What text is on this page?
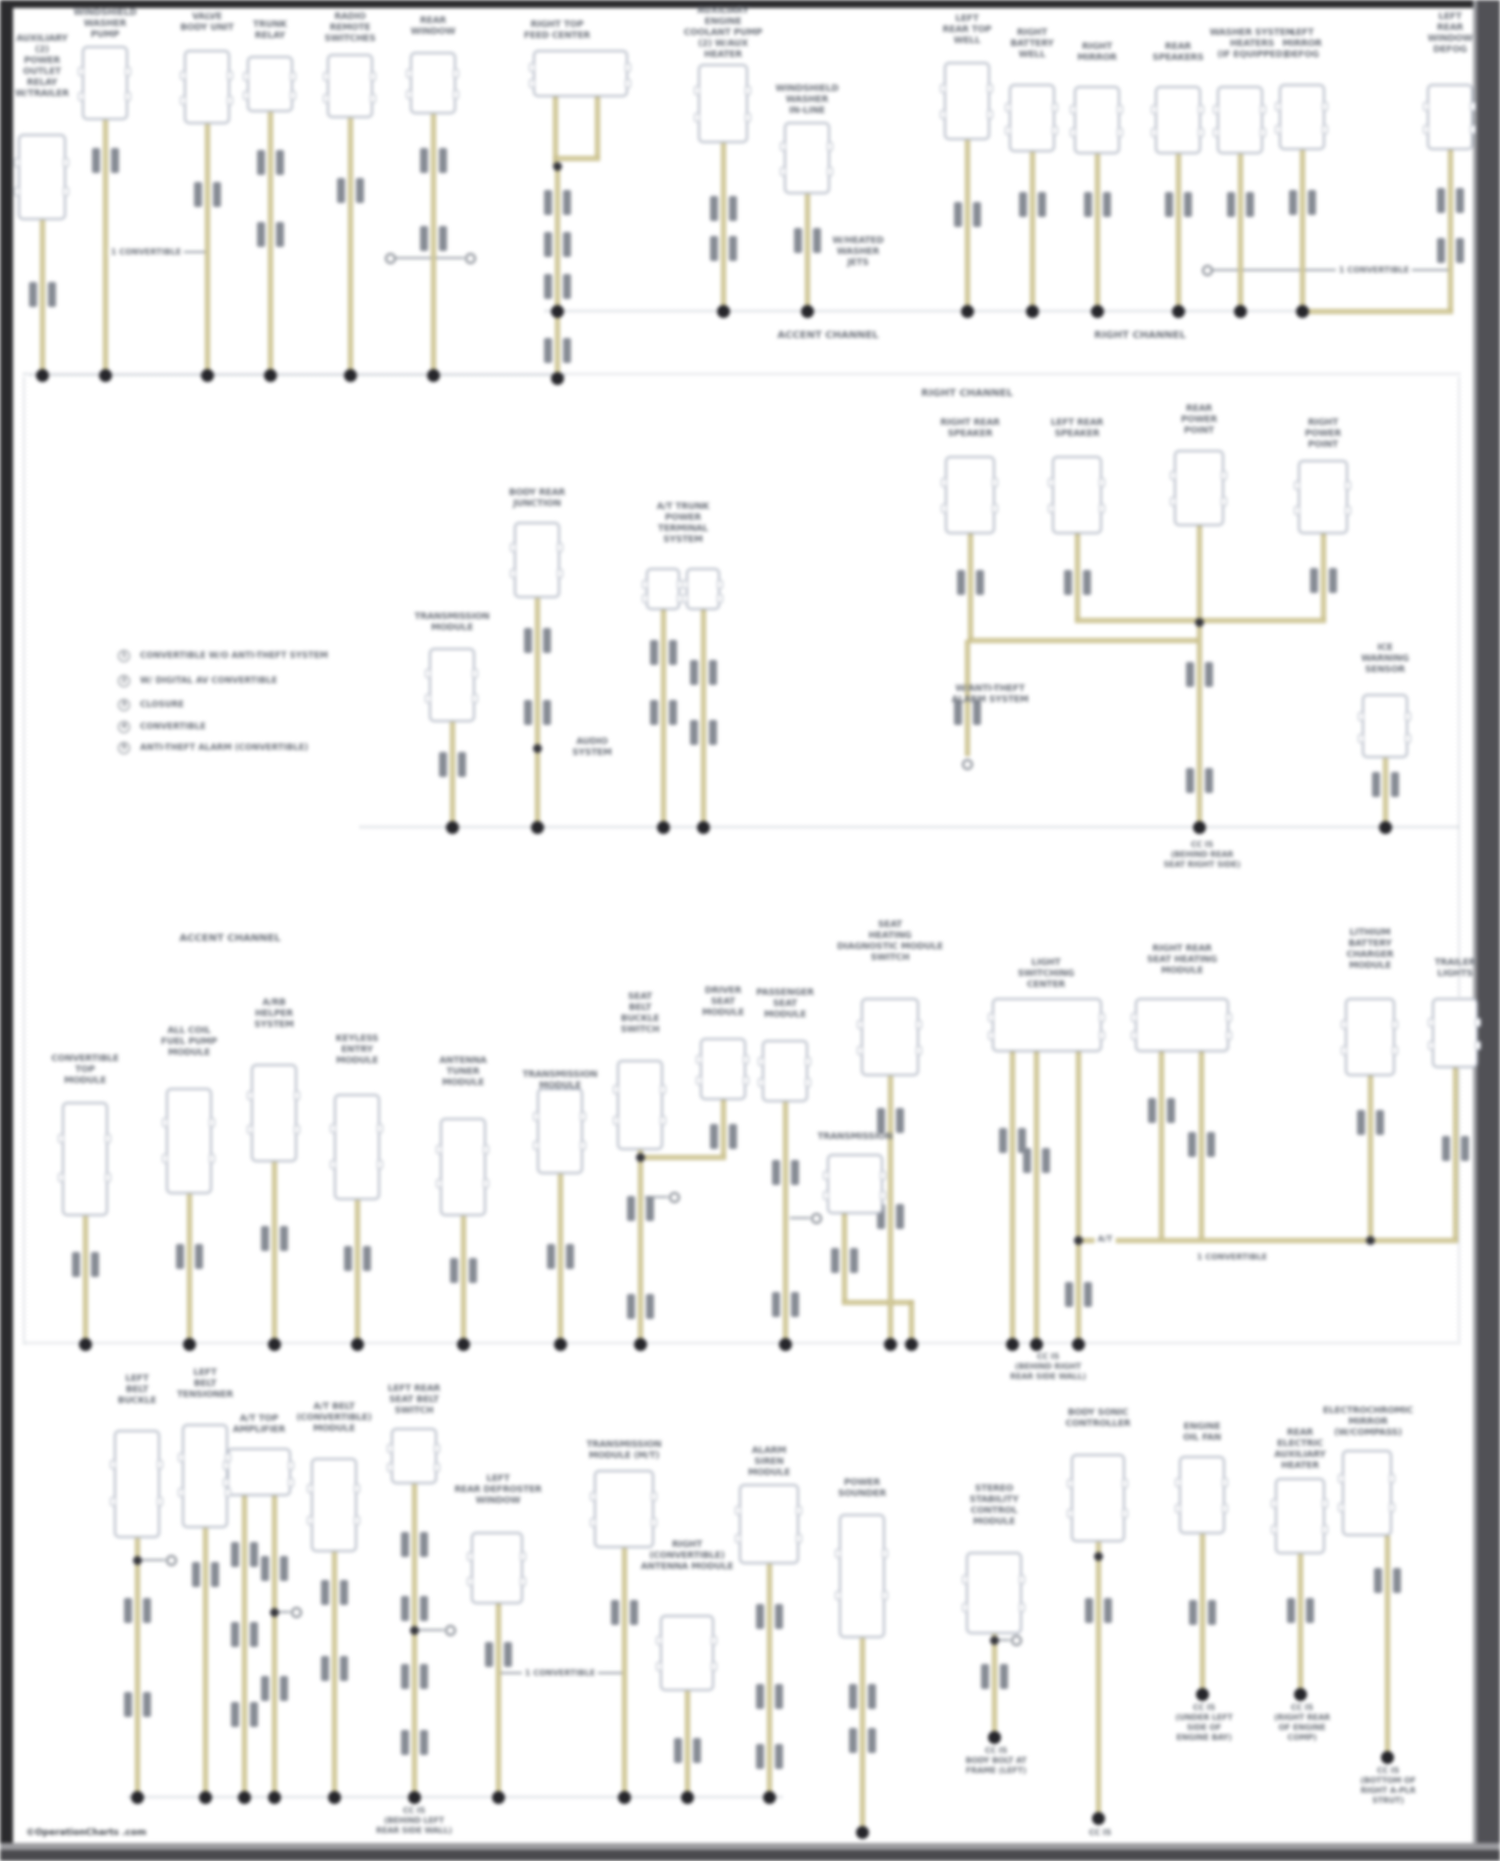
AUXILIARY
(2)
POWER
OUTLET
RELAY
W/TRAILER
WINDSHIELD
WASHER
PUMP
VALVE
BODY UNIT	TRUNK
RELAY
RADIO
REMOTE
SWITCHES
REAR
WINDOW
RIGHT TOP
FEED CENTER
AUXILIARY
ENGINE
COOLANT PUMP
(2) W/AUX
HEATER
WINDSHIELD
WASHER
IN-LINE
W/HEATED
WASHER
JETS
LEFT
REAR TOP
WELL
RIGHT
BATTERY
WELL
RIGHT
MIRROR
REAR
SPEAKERS
WASHER SYSTEM
HEATERS
(IF EQUIPPED)
LEFT
MIRROR
DEFOG
LEFT
REAR
WINDOW
DEFOG
TRANSMISSION
MODULE
BODY REAR
JUNCTION
AUDIO
SYSTEM
A/T TRUNK
POWER
TERMINAL
SYSTEM
RIGHT REAR
SPEAKER
W/ANTI-THEFT
ALARM SYSTEM
LEFT REAR
SPEAKER
REAR
POWER
POINT
CC IS
(BEHIND REAR
SEAT RIGHT SIDE)
RIGHT
POWER
POINT
ICE
WARNING
SENSOR
CONVERTIBLE
TOP
MODULE
ALL COIL
FUEL PUMP
MODULE
A/RB
HELPER
SYSTEM
KEYLESS
ENTRY
MODULE	ANTENNA
TUNER
MODULE
TRANSMISSION
MODULE
SEAT
BELT
BUCKLE
SWITCH
DRIVER
SEAT
MODULE
PASSENGER
SEAT
MODULE
TRANSMISSION
SEAT
HEATING
DIAGNOSTIC MODULE
SWITCH	LIGHT
SWITCHING
CENTER
CC IS
(BEHIND RIGHT
REAR SIDE WALL)
RIGHT REAR
SEAT HEATING
MODULE
LITHIUM
BATTERY
CHARGER
MODULE	TRAILER
LIGHTS
LEFT
BELT
BUCKLE
LEFT
BELT
TENSIONER
A/T TOP
AMPLIFIER
A/T BELT
(CONVERTIBLE)
MODULE
LEFT REAR
SEAT BELT
SWITCH
CC IS
(BEHIND LEFT
REAR SIDE WALL)
LEFT
REAR DEFROSTER
WINDOW
TRANSMISSION
MODULE (M/T)
RIGHT
(CONVERTIBLE)
ANTENNA MODULE
ALARM
SIREN
MODULE
POWER
SOUNDER	STEREO
STABILITY
CONTROL
MODULE
CC IS
BODY BOLT AT
FRAME (LEFT)
BODY SONIC
CONTROLLER
CC IS
ENGINE
OIL FAN
CC IS
(UNDER LEFT
SIDE OF
ENGINE BAY)
REAR
ELECTRIC
AUXILIARY
HEATER
CC IS
(RIGHT REAR
OF ENGINE
COMP)
ELECTROCHROMIC
MIRROR
(W/COMPASS)
CC IS
(BOTTOM OF
RIGHT A-PLR
STRUT)
ACCENT CHANNEL	RIGHT CHANNEL
RIGHT CHANNEL
ACCENT CHANNEL
1 CONVERTIBLE
1 CONVERTIBLE
A/T
1 CONVERTIBLE
1 CONVERTIBLE
1	CONVERTIBLE W/O ANTI-THEFT SYSTEM
2	W/ DIGITAL AV CONVERTIBLE
3	CLOSURE
4	CONVERTIBLE
5	ANTI-THEFT ALARM (CONVERTIBLE)
©OperationCharts .com
